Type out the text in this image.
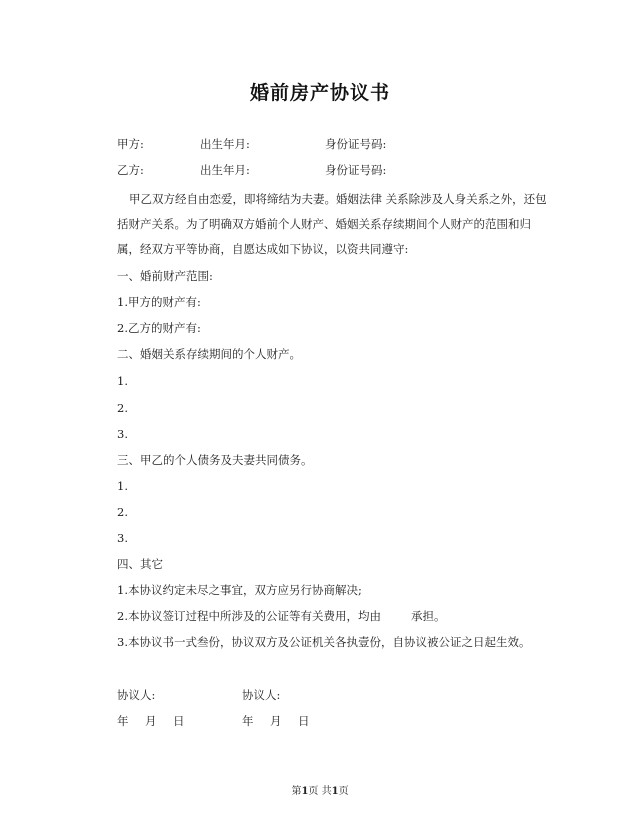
婚前房产协议书
甲方:	出生年月:	身份证号码:
乙方:	出生年月:	身份证号码:
甲乙双方经自由恋爱，即将缔结为夫妻。婚姻法律 关系除涉及人身关系之外，还包括财产关系。为了明确双方婚前个人财产、婚姻关系存续期间个人财产的范围和归属，经双方平等协商，自愿达成如下协议，以资共同遵守:
一、婚前财产范围:
1.甲方的财产有:
2.乙方的财产有:
二、婚姻关系存续期间的个人财产。
1.
2.
3.
三、甲乙的个人债务及夫妻共同债务。
1.
2.
3.
四、其它
1.本协议约定未尽之事宜，双方应另行协商解决;
2.本协议签订过程中所涉及的公证等有关费用，均由	承担。
3.本协议书一式叁份，协议双方及公证机关各执壹份，自协议被公证之日起生效。
协议人:	协议人:
年 月 日	年 月 日
第1页 共1页
